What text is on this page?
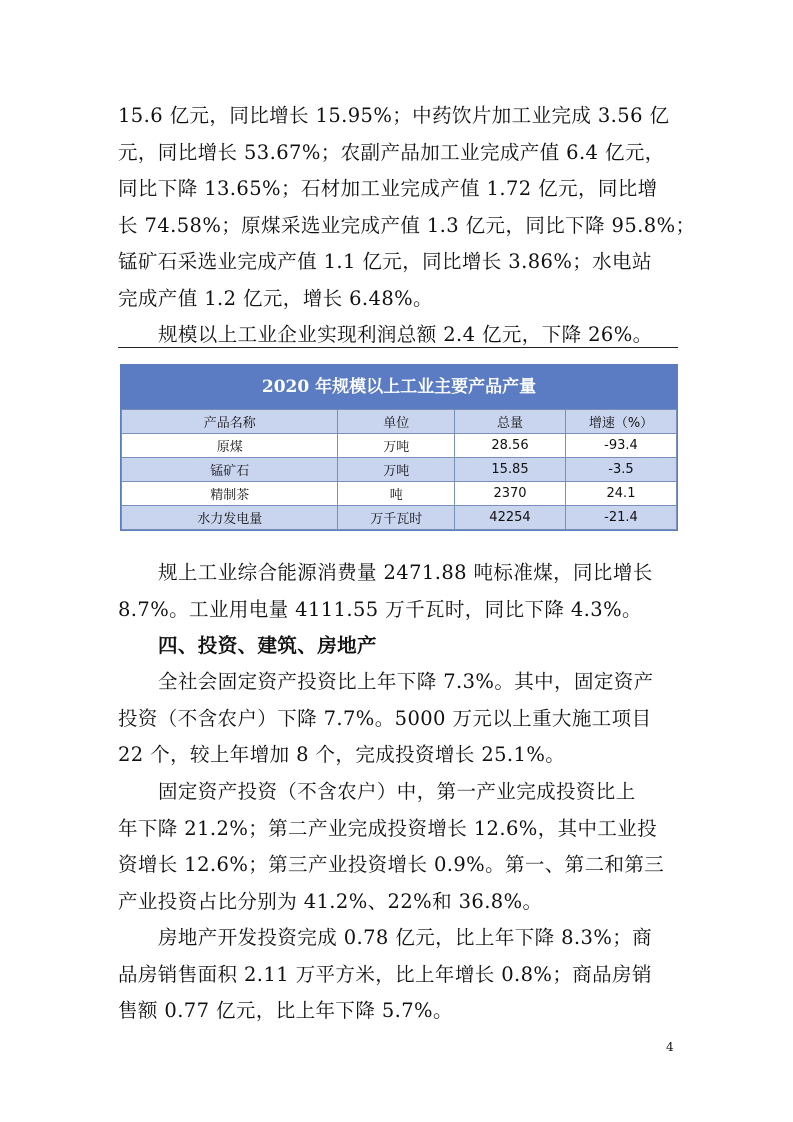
15.6 亿元，同比增长 15.95%；中药饮片加工业完成 3.56 亿
元，同比增长 53.67%；农副产品加工业完成产值 6.4 亿元，
同比下降 13.65%；石材加工业完成产值 1.72 亿元，同比增
长 74.58%；原煤采选业完成产值 1.3 亿元，同比下降 95.8%；
锰矿石采选业完成产值 1.1 亿元，同比增长 3.86%；水电站
完成产值 1.2 亿元，增长 6.48%。
规模以上工业企业实现利润总额 2.4 亿元，下降 26%。
2020 年规模以上工业主要产品产量
产品名称	单位	总量	增速（%）
原煤	万吨	28.56	-93.4
锰矿石	万吨	15.85	-3.5
精制茶	吨	2370	24.1
水力发电量	万千瓦时	42254	-21.4
规上工业综合能源消费量 2471.88 吨标准煤，同比增长
8.7%。工业用电量 4111.55 万千瓦时，同比下降 4.3%。
四、投资、建筑、房地产
全社会固定资产投资比上年下降 7.3%。其中，固定资产
投资（不含农户）下降 7.7%。5000 万元以上重大施工项目
22 个，较上年增加 8 个，完成投资增长 25.1%。
固定资产投资（不含农户）中，第一产业完成投资比上
年下降 21.2%；第二产业完成投资增长 12.6%，其中工业投
资增长 12.6%；第三产业投资增长 0.9%。第一、第二和第三
产业投资占比分别为 41.2%、22%和 36.8%。
房地产开发投资完成 0.78 亿元，比上年下降 8.3%；商
品房销售面积 2.11 万平方米，比上年增长 0.8%；商品房销
售额 0.77 亿元，比上年下降 5.7%。
4
